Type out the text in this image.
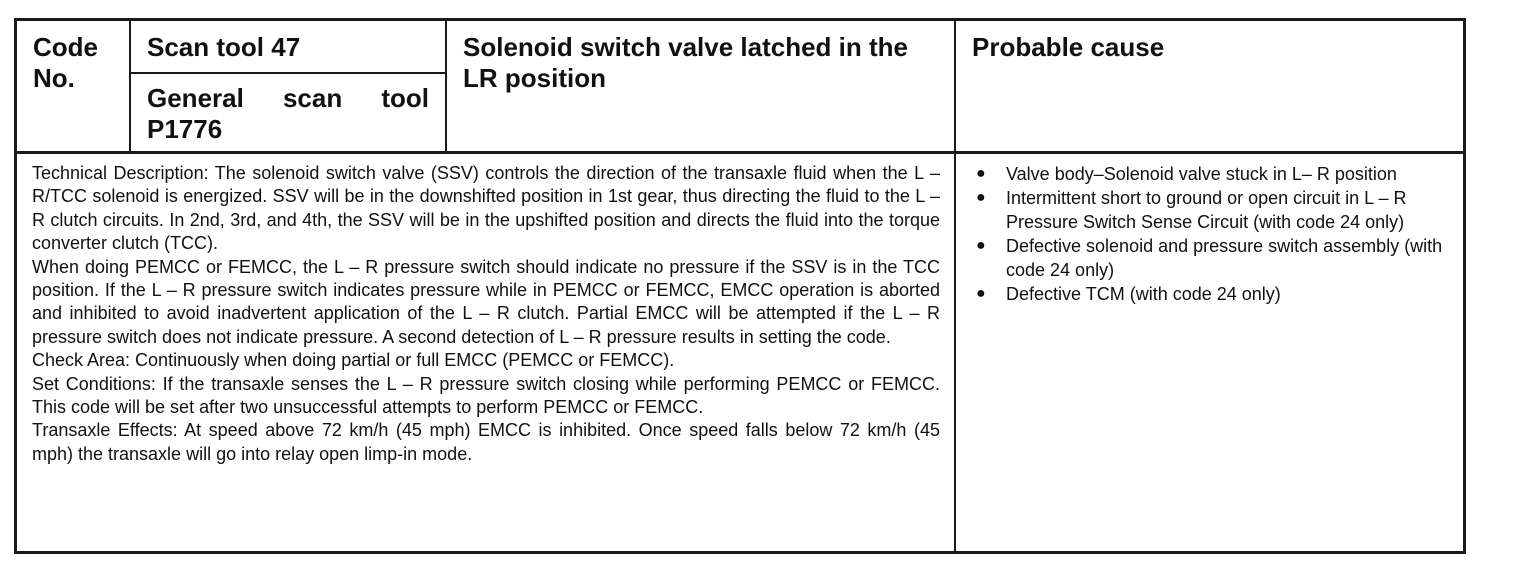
Code
No.
Scan tool 47
General scan tool P1776
Solenoid switch valve latched in the LR position
Probable cause

Technical Description: The solenoid switch valve (SSV) controls the direction of the transaxle fluid when the L – R/TCC solenoid is energized. SSV will be in the downshifted position in 1st gear, thus directing the fluid to the L – R clutch circuits. In 2nd, 3rd, and 4th, the SSV will be in the upshifted position and directs the fluid into the torque converter clutch (TCC).

When doing PEMCC or FEMCC, the L – R pressure switch should indicate no pressure if the SSV is in the TCC position. If the L – R pressure switch indicates pressure while in PEMCC or FEMCC, EMCC operation is aborted and inhibited to avoid inadvertent application of the L – R clutch. Partial EMCC will be attempted if the L – R pressure switch does not indicate pressure. A second detection of L – R pressure results in setting the code.

Check Area: Continuously when doing partial or full EMCC (PEMCC or FEMCC).

Set Conditions: If the transaxle senses the L – R pressure switch closing while performing PEMCC or FEMCC. This code will be set after two unsuccessful attempts to perform PEMCC or FEMCC.

Transaxle Effects: At speed above 72 km/h (45 mph) EMCC is inhibited. Once speed falls below 72 km/h (45 mph) the transaxle will go into relay open limp-in mode.

● Valve body–Solenoid valve stuck in L– R position
● Intermittent short to ground or open circuit in L – R Pressure Switch Sense Circuit (with code 24 only)
● Defective solenoid and pressure switch assembly (with code 24 only)
● Defective TCM (with code 24 only)
